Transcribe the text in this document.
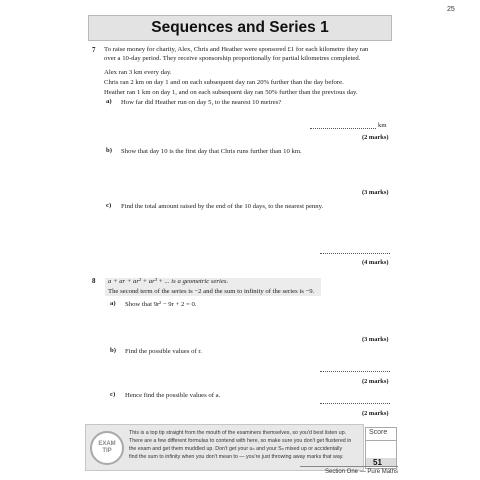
25
Sequences and Series 1
7 To raise money for charity, Alex, Chris and Heather were sponsored £1 for each kilometre they ran
over a 10-day period. They receive sponsorship proportionally for partial kilometres completed.
Alex ran 3 km every day.
Chris ran 2 km on day 1 and on each subsequent day ran 20% further than the day before.
Heather ran 1 km on day 1, and on each subsequent day ran 50% further than the previous day.
a) How far did Heather run on day 5, to the nearest 10 metres?
km
(2 marks)
b) Show that day 10 is the first day that Chris runs further than 10 km.
(3 marks)
c) Find the total amount raised by the end of the 10 days, to the nearest penny.
(4 marks)
8 a + ar + ar² + ar³ + ... is a geometric series.
The second term of the series is −2 and the sum to infinity of the series is −9.
a) Show that 9r² − 9r + 2 = 0.
(3 marks)
b) Find the possible values of r.
(2 marks)
c) Hence find the possible values of a.
(2 marks)
EXAM
TIP
This is a top tip straight from the mouth of the examiners themselves, so you'd best listen up.
There are a few different formulas to contend with here, so make sure you don't get flustered in
the exam and get them muddled up. Don't get your uₙ and your Sₙ mixed up or accidentally
find the sum to infinity when you don't mean to — you're just throwing away marks that way.
Score
51
Section One — Pure Maths
